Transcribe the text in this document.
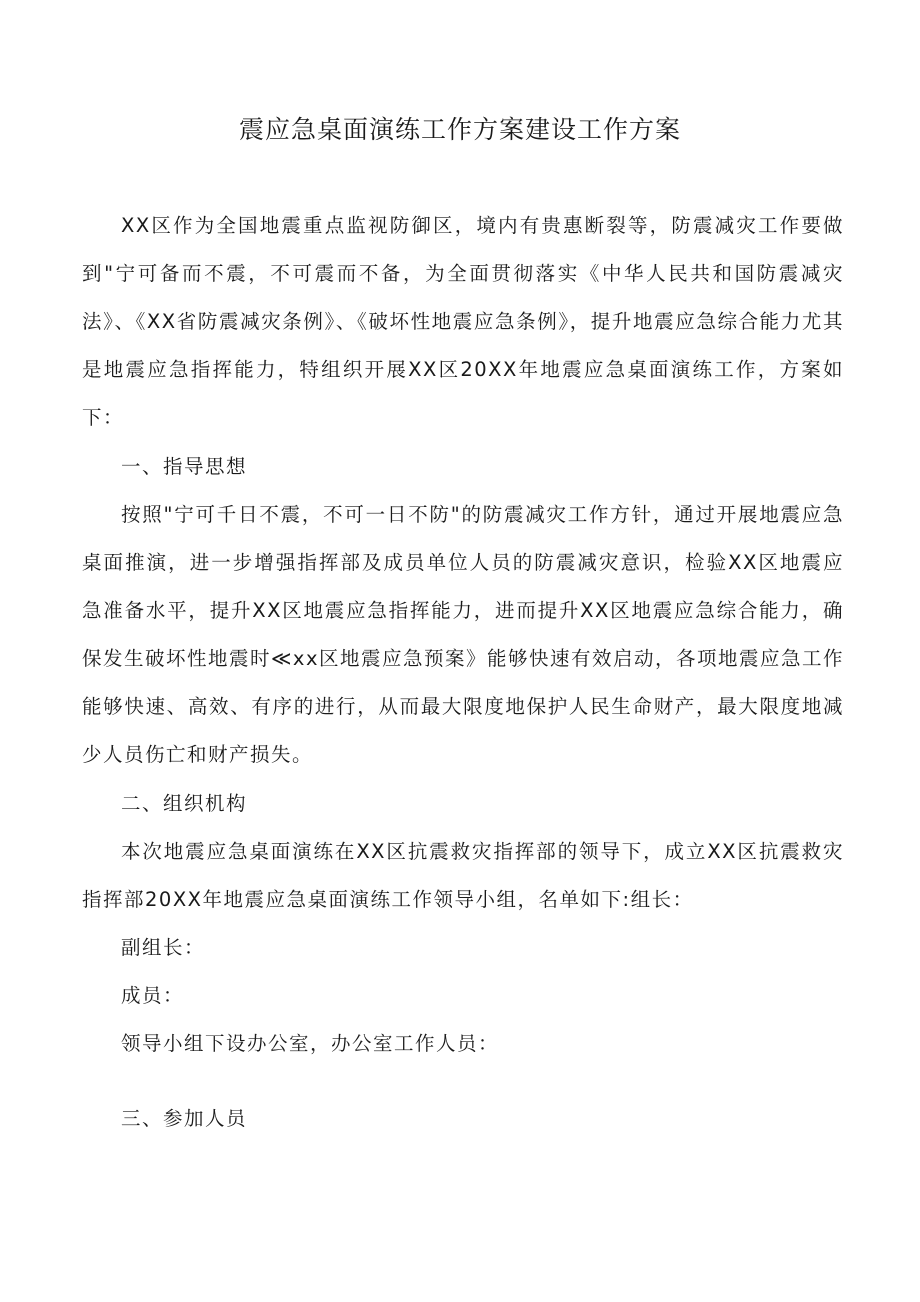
震应急桌面演练工作方案建设工作方案

XX区作为全国地震重点监视防御区，境内有贵惠断裂等，防震减灾工作要做到"宁可备而不震，不可震而不备，为全面贯彻落实《中华人民共和国防震减灾法》、《XX省防震减灾条例》、《破坏性地震应急条例》，提升地震应急综合能力尤其是地震应急指挥能力，特组织开展XX区20XX年地震应急桌面演练工作，方案如下：

一、指导思想

按照"宁可千日不震，不可一日不防"的防震减灾工作方针，通过开展地震应急桌面推演，进一步增强指挥部及成员单位人员的防震减灾意识，检验XX区地震应急准备水平，提升XX区地震应急指挥能力，进而提升XX区地震应急综合能力，确保发生破坏性地震时≪xx区地震应急预案》能够快速有效启动，各项地震应急工作能够快速、高效、有序的进行，从而最大限度地保护人民生命财产，最大限度地减少人员伤亡和财产损失。

二、组织机构

本次地震应急桌面演练在XX区抗震救灾指挥部的领导下，成立XX区抗震救灾指挥部20XX年地震应急桌面演练工作领导小组，名单如下:组长：

副组长：

成员：

领导小组下设办公室，办公室工作人员：

三、参加人员
